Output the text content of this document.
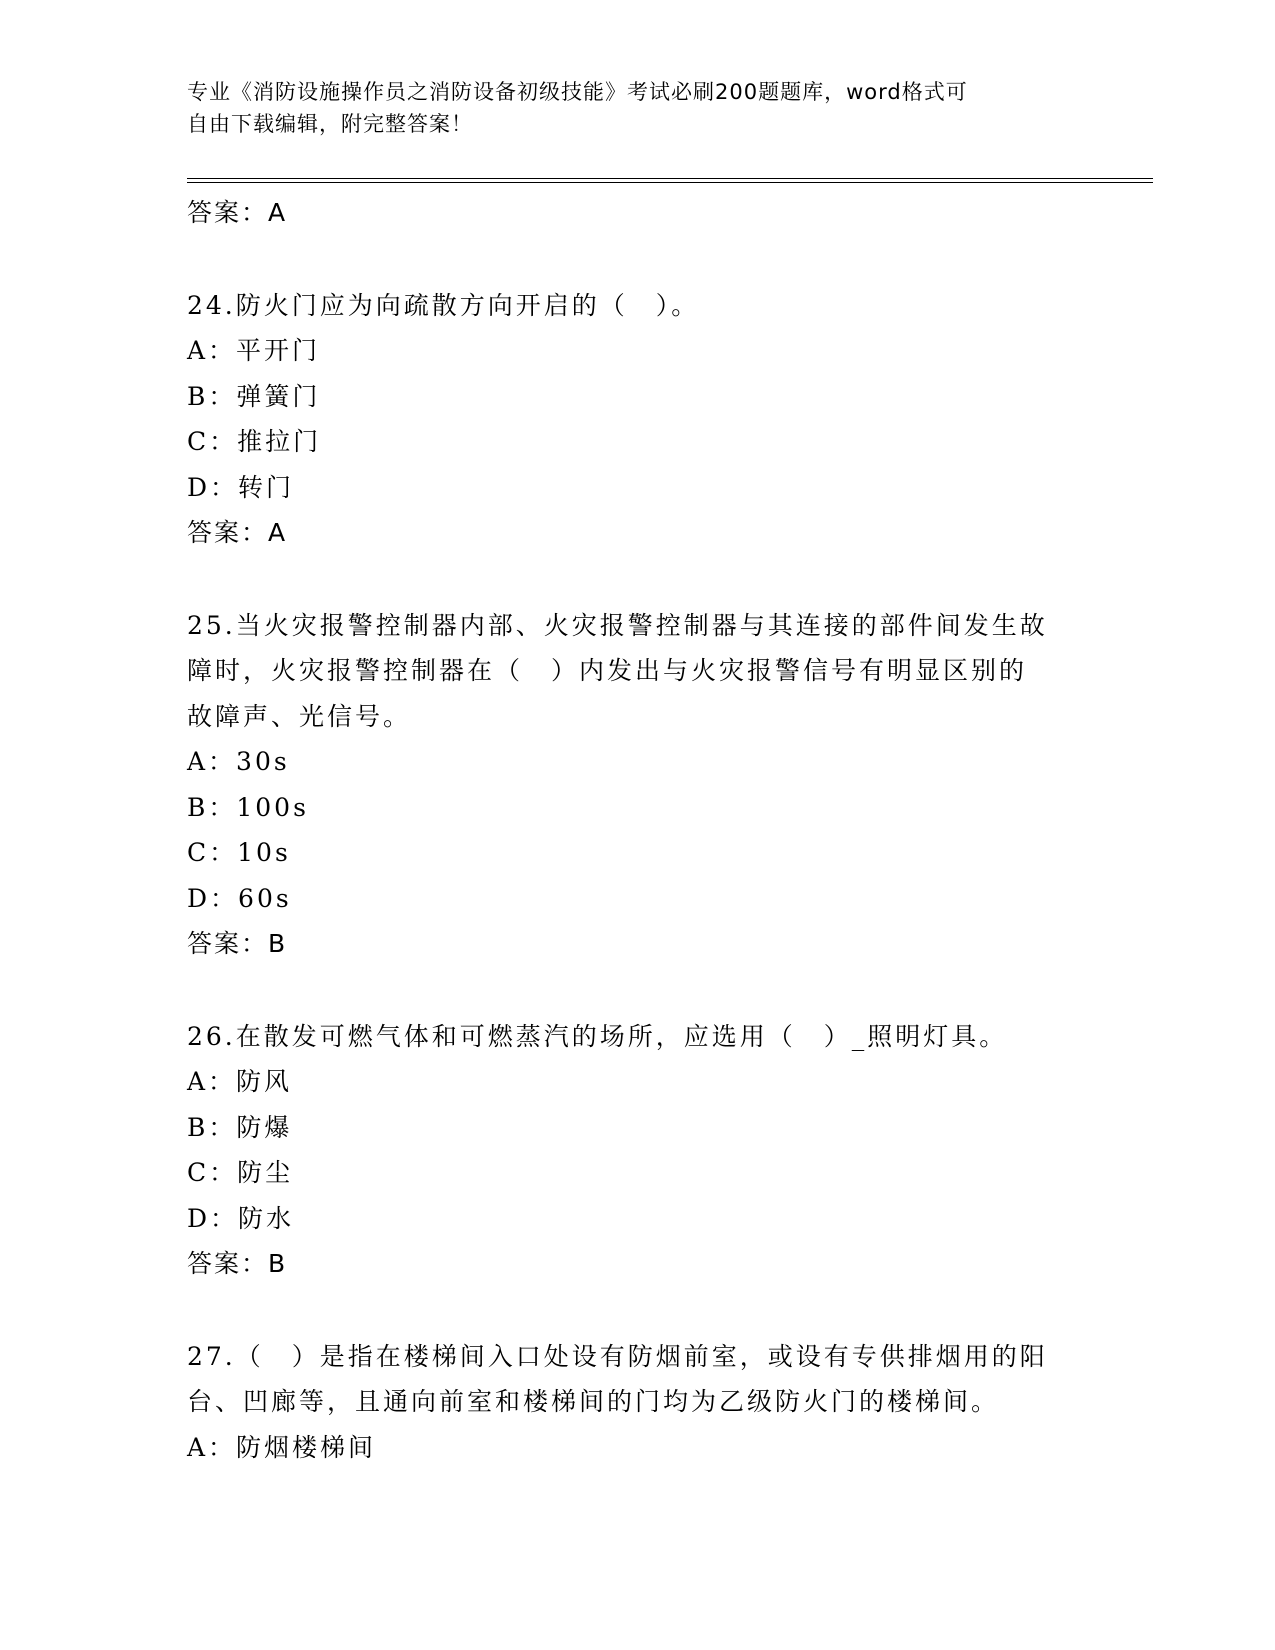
专业《消防设施操作员之消防设备初级技能》考试必刷200题题库，word格式可
自由下载编辑，附完整答案！
答案：A
24.防火门应为向疏散方向开启的（　）。
A：平开门
B：弹簧门
C：推拉门
D：转门
答案：A
25.当火灾报警控制器内部、火灾报警控制器与其连接的部件间发生故
障时，火灾报警控制器在（　）内发出与火灾报警信号有明显区别的
故障声、光信号。
A：30s
B：100s
C：10s
D：60s
答案：B
26.在散发可燃气体和可燃蒸汽的场所，应选用（　）_照明灯具。
A：防风
B：防爆
C：防尘
D：防水
答案：B
27.（　）是指在楼梯间入口处设有防烟前室，或设有专供排烟用的阳
台、凹廊等，且通向前室和楼梯间的门均为乙级防火门的楼梯间。
A：防烟楼梯间
